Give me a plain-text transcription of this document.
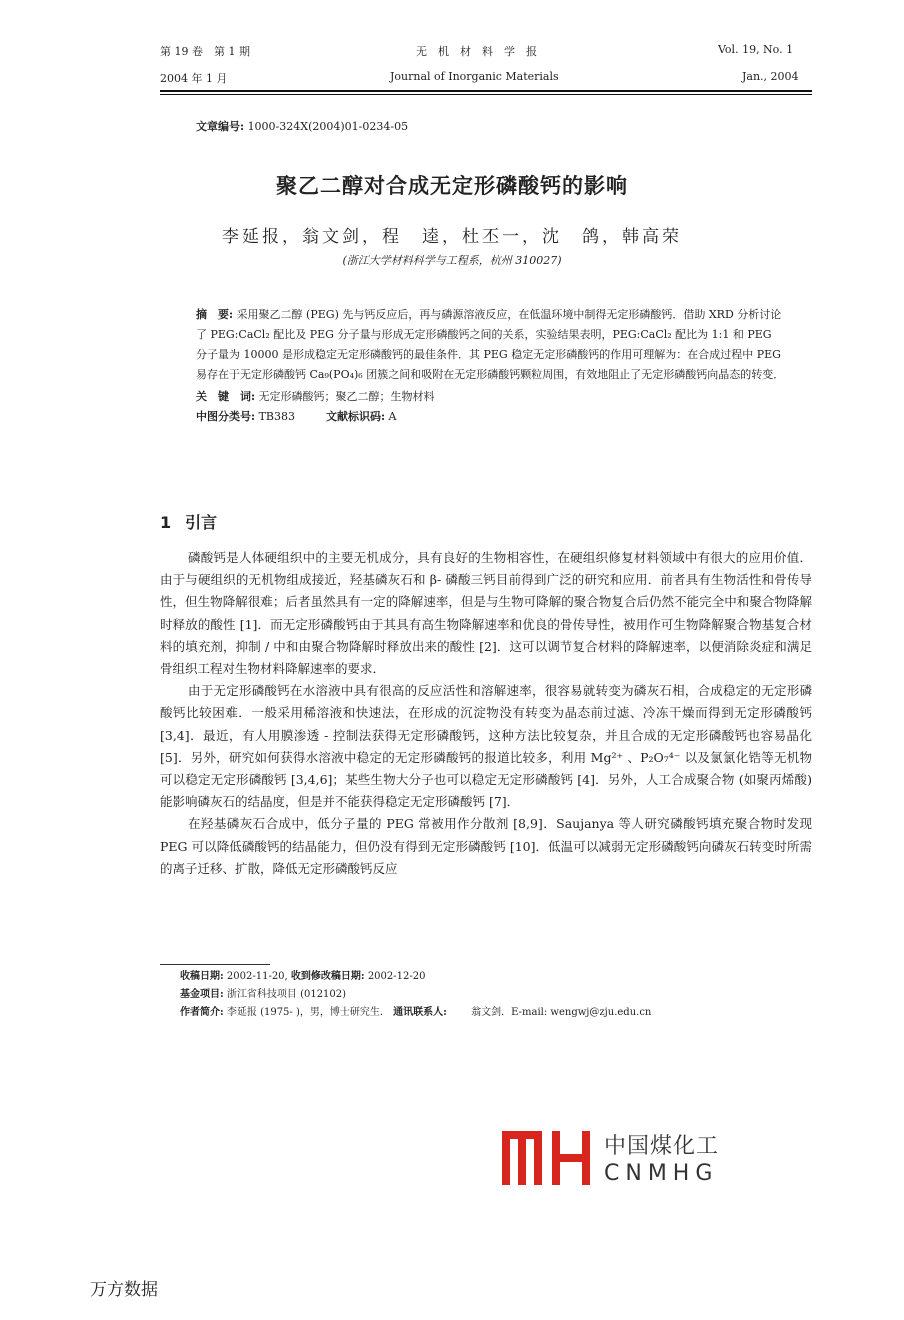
第 19 卷　第 1 期	无　机　材　料　学　报	Vol. 19, No. 1
2004 年 1 月	Journal of Inorganic Materials	Jan., 2004
文章编号: 1000-324X(2004)01-0234-05
聚乙二醇对合成无定形磷酸钙的影响
李延报，翁文剑，程　逵，杜丕一，沈　鸽，韩高荣
(浙江大学材料科学与工程系，杭州 310027)

摘　要: 采用聚乙二醇 (PEG) 先与钙反应后，再与磷源溶液反应，在低温环境中制得无定形磷酸钙．借助 XRD 分析讨论了 PEG:CaCl₂ 配比及 PEG 分子量与形成无定形磷酸钙之间的关系，实验结果表明，PEG:CaCl₂ 配比为 1:1 和 PEG 分子量为 10000 是形成稳定无定形磷酸钙的最佳条件．其 PEG 稳定无定形磷酸钙的作用可理解为：在合成过程中 PEG 易存在于无定形磷酸钙 Ca₉(PO₄)₆ 团簇之间和吸附在无定形磷酸钙颗粒周围，有效地阻止了无定形磷酸钙向晶态的转变．

关　键　词: 无定形磷酸钙；聚乙二醇；生物材料

中图分类号: TB383	文献标识码: A

1 引言

磷酸钙是人体硬组织中的主要无机成分，具有良好的生物相容性，在硬组织修复材料领域中有很大的应用价值．由于与硬组织的无机物组成接近，羟基磷灰石和 β- 磷酸三钙目前得到广泛的研究和应用．前者具有生物活性和骨传导性，但生物降解很难；后者虽然具有一定的降解速率，但是与生物可降解的聚合物复合后仍然不能完全中和聚合物降解时释放的酸性 [1]．而无定形磷酸钙由于其具有高生物降解速率和优良的骨传导性，被用作可生物降解聚合物基复合材料的填充剂，抑制 / 中和由聚合物降解时释放出来的酸性 [2]．这可以调节复合材料的降解速率，以便消除炎症和满足骨组织工程对生物材料降解速率的要求．

由于无定形磷酸钙在水溶液中具有很高的反应活性和溶解速率，很容易就转变为磷灰石相，合成稳定的无定形磷酸钙比较困难．一般采用稀溶液和快速法，在形成的沉淀物没有转变为晶态前过滤、冷冻干燥而得到无定形磷酸钙 [3,4]．最近，有人用膜渗透 - 控制法获得无定形磷酸钙，这种方法比较复杂，并且合成的无定形磷酸钙也容易晶化 [5]．另外，研究如何获得水溶液中稳定的无定形磷酸钙的报道比较多，利用 Mg²⁺ 、P₂O₇⁴⁻ 以及氯氯化锆等无机物可以稳定无定形磷酸钙 [3,4,6]；某些生物大分子也可以稳定无定形磷酸钙 [4]．另外，人工合成聚合物 (如聚丙烯酸) 能影响磷灰石的结晶度，但是并不能获得稳定无定形磷酸钙 [7]．

在羟基磷灰石合成中，低分子量的 PEG 常被用作分散剂 [8,9]．Saujanya 等人研究磷酸钙填充聚合物时发现 PEG 可以降低磷酸钙的结晶能力，但仍没有得到无定形磷酸钙 [10]．低温可以减弱无定形磷酸钙向磷灰石转变时所需的离子迁移、扩散，降低无定形磷酸钙反应

收稿日期: 2002-11-20, 收到修改稿日期: 2002-12-20

基金项目: 浙江省科技项目 (012102)

作者简介: 李延报 (1975- )，男，博士研究生． 通讯联系人: 翁文剑．E-mail: wengwj@zju.edu.cn

中国煤化工
CNMHG
万方数据
